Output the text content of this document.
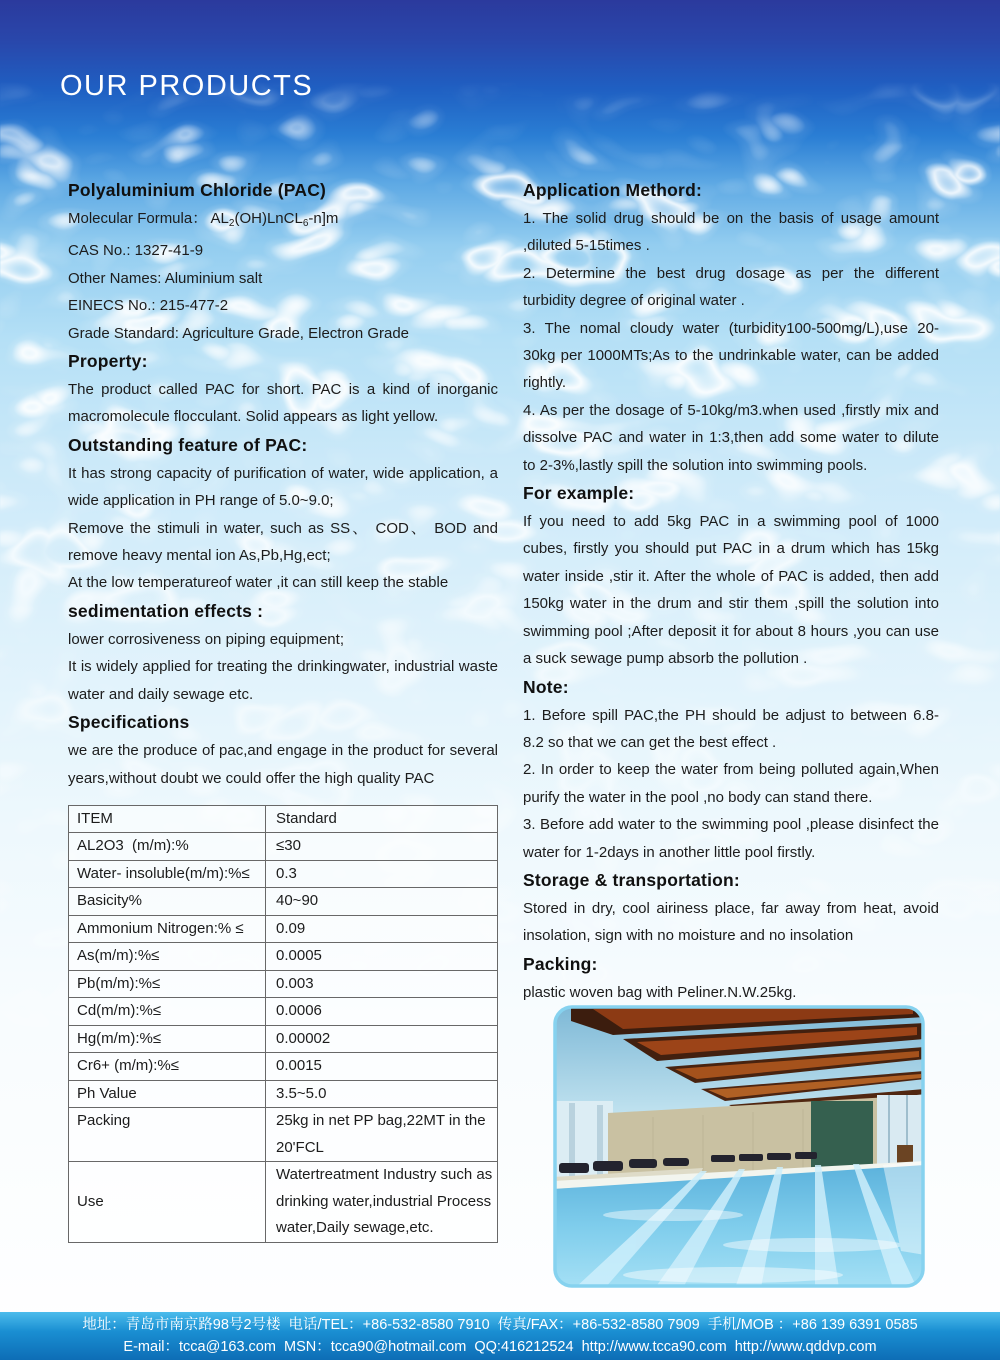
OUR PRODUCTS
Polyaluminium Chloride (PAC)

Molecular Formula： $AL_2(OH)LnCL_6-n]m$

CAS No.: 1327-41-9

Other Names: Aluminium salt

EINECS No.: 215-477-2

Grade Standard: Agriculture Grade, Electron Grade

Property:

The product called PAC for short. PAC is a kind of inorganic macromolecule flocculant. Solid appears as light yellow.

Outstanding feature of PAC:

It has strong capacity of purification of water, wide application, a wide application in PH range of 5.0~9.0;

Remove the stimuli in water, such as SS、 COD、 BOD and remove heavy mental ion As,Pb,Hg,ect;

At the low temperatureof water ,it can still keep the stable

sedimentation effects :

lower corrosiveness on piping equipment;

It is widely applied for treating the drinkingwater, industrial waste water and daily sewage etc.

Specifications

we are the produce of pac,and engage in the product for several years,without doubt we could offer the high quality PAC

ITEM	Standard
AL2O3  (m/m):%	≤30
Water- insoluble(m/m):%≤	0.3
Basicity%	40~90
Ammonium Nitrogen:% ≤	0.09
As(m/m):%≤	0.0005
Pb(m/m):%≤	0.003
Cd(m/m):%≤	0.0006
Hg(m/m):%≤	0.00002
Cr6+ (m/m):%≤	0.0015
Ph Value	3.5~5.0
Packing	25kg in net PP bag,22MT in the 20'FCL
Use	Watertreatment Industry such as drinking water,industrial Process water,Daily sewage,etc.
Application Methord:

1. The solid drug should be on the basis of usage amount ,diluted 5-15times .

2. Determine the best drug dosage as per the different turbidity degree of original water .

3. The nomal cloudy water (turbidity100-500mg/L),use 20-30kg per 1000MTs;As to the undrinkable water, can be added rightly.

4. As per the dosage of 5-10kg/m3.when used ,firstly mix and dissolve PAC and water in 1:3,then add some water to dilute to 2-3%,lastly spill the solution into swimming pools.

For example:

If you need to add 5kg PAC in a swimming pool of 1000 cubes, firstly you should put PAC in a drum which has 15kg water inside ,stir it. After the whole of PAC is added, then add 150kg water in the drum and stir them ,spill the solution into swimming pool ;After deposit it for about 8 hours ,you can use a suck sewage pump absorb the pollution .

Note:

1. Before spill PAC,the PH should be adjust to between 6.8-8.2 so that we can get the best effect .

2. In order to keep the water from being polluted again,When purify the water in the pool ,no body can stand there.

3. Before add water to the swimming pool ,please disinfect the water for 1-2days in another little pool firstly.

Storage & transportation:

Stored in dry, cool airiness place, far away from heat, avoid insolation, sign with no moisture and no insolation

Packing:

plastic woven bag with Peliner.N.W.25kg.

地址：青岛市南京路98号2号楼  电话/TEL：+86-532-8580 7910  传真/FAX：+86-532-8580 7909  手机/MOB ：+86 139 6391 0585

E-mail：tcca@163.com  MSN：tcca90@hotmail.com  QQ:416212524  http://www.tcca90.com  http://www.qddvp.com
